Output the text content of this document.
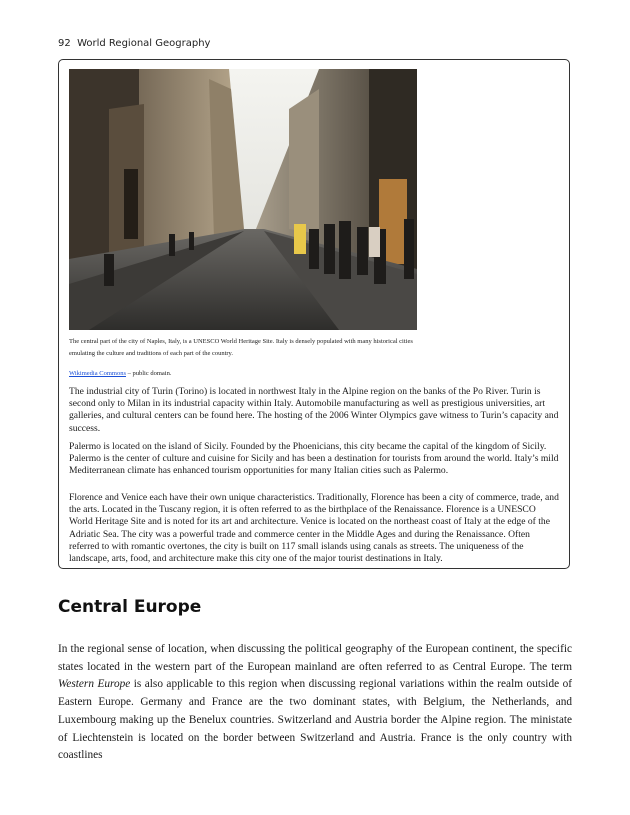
92 World Regional Geography
The central part of the city of Naples, Italy, is a UNESCO World Heritage Site. Italy is densely populated with many historical cities emulating the culture and traditions of each part of the country.
Wikimedia Commons – public domain.

The industrial city of Turin (Torino) is located in northwest Italy in the Alpine region on the banks of the Po River. Turin is second only to Milan in its industrial capacity within Italy. Automobile manufacturing as well as prestigious universities, art galleries, and cultural centers can be found here. The hosting of the 2006 Winter Olympics gave witness to Turin’s capacity and success.

Palermo is located on the island of Sicily. Founded by the Phoenicians, this city became the capital of the kingdom of Sicily. Palermo is the center of culture and cuisine for Sicily and has been a destination for tourists from around the world. Italy’s mild Mediterranean climate has enhanced tourism opportunities for many Italian cities such as Palermo.

Florence and Venice each have their own unique characteristics. Traditionally, Florence has been a city of commerce, trade, and the arts. Located in the Tuscany region, it is often referred to as the birthplace of the Renaissance. Florence is a UNESCO World Heritage Site and is noted for its art and architecture. Venice is located on the northeast coast of Italy at the edge of the Adriatic Sea. The city was a powerful trade and commerce center in the Middle Ages and during the Renaissance. Often referred to with romantic overtones, the city is built on 117 small islands using canals as streets. The uniqueness of the landscape, arts, food, and architecture make this city one of the major tourist destinations in Italy.

Central Europe

In the regional sense of location, when discussing the political geography of the European continent, the specific states located in the western part of the European mainland are often referred to as Central Europe. The term Western Europe is also applicable to this region when discussing regional variations within the realm outside of Eastern Europe. Germany and France are the two dominant states, with Belgium, the Netherlands, and Luxembourg making up the Benelux countries. Switzerland and Austria border the Alpine region. The ministate of Liechtenstein is located on the border between Switzerland and Austria. France is the only country with coastlines
